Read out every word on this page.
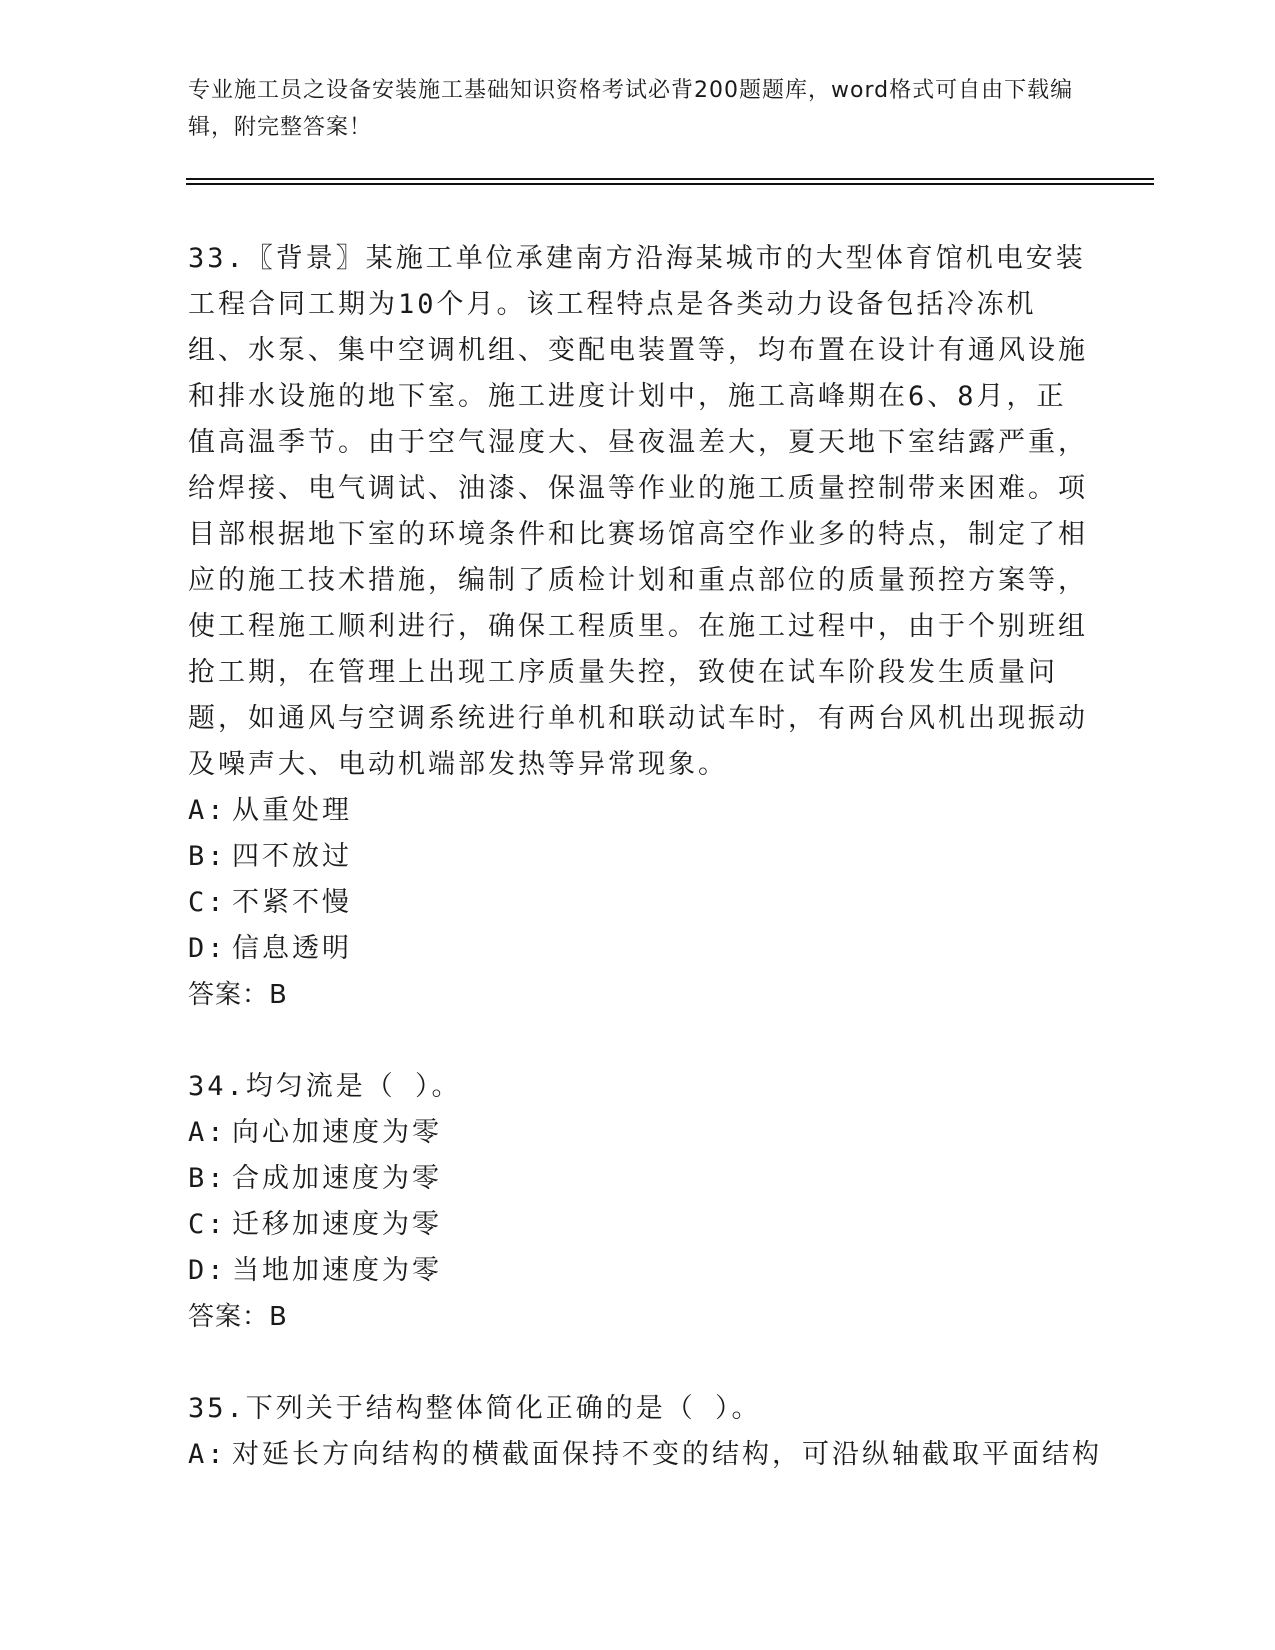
专业施工员之设备安装施工基础知识资格考试必背200题题库，word格式可自由下载编辑，附完整答案！

33.〖背景〗某施工单位承建南方沿海某城市的大型体育馆机电安装工程合同工期为10个月。该工程特点是各类动力设备包括冷冻机组、水泵、集中空调机组、变配电装置等，均布置在设计有通风设施和排水设施的地下室。施工进度计划中，施工高峰期在6、8月，正值高温季节。由于空气湿度大、昼夜温差大，夏天地下室结露严重，给焊接、电气调试、油漆、保温等作业的施工质量控制带来困难。项目部根据地下室的环境条件和比赛场馆高空作业多的特点，制定了相应的施工技术措施，编制了质检计划和重点部位的质量预控方案等，使工程施工顺利进行，确保工程质里。在施工过程中，由于个别班组抢工期，在管理上出现工序质量失控，致使在试车阶段发生质量问题，如通风与空调系统进行单机和联动试车时，有两台风机出现振动及噪声大、电动机端部发热等异常现象。

A: 从重处理

B: 四不放过

C: 不紧不慢

D: 信息透明

答案：B

34.均匀流是（ ）。

A: 向心加速度为零

B: 合成加速度为零

C: 迁移加速度为零

D: 当地加速度为零

答案：B

35.下列关于结构整体简化正确的是（ ）。

A: 对延长方向结构的横截面保持不变的结构，可沿纵轴截取平面结构
